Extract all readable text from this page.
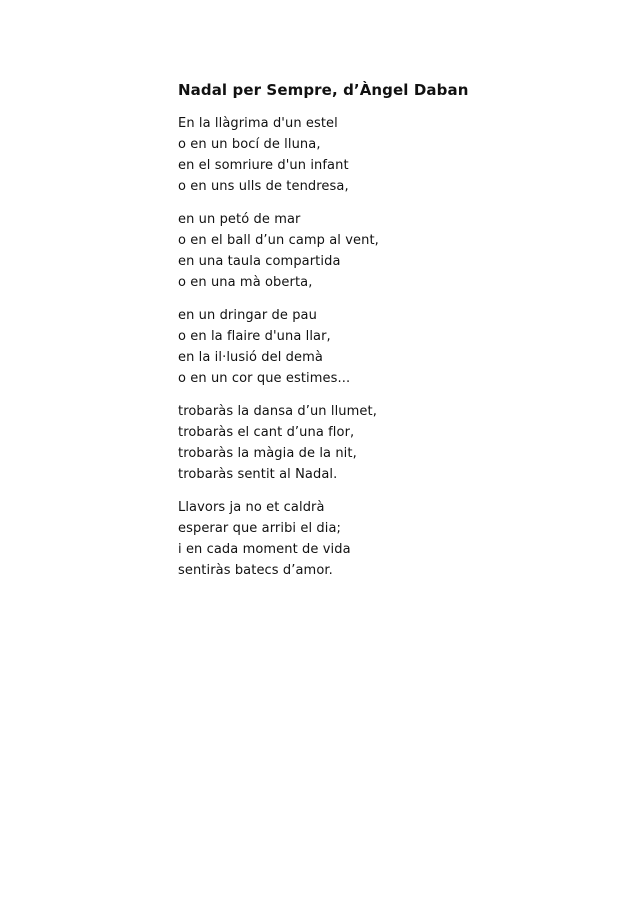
Nadal per Sempre, d’Àngel Daban
En la llàgrima d'un estel
o en un bocí de lluna,
en el somriure d'un infant
o en uns ulls de tendresa,
en un petó de mar
o en el ball d’un camp al vent,
en una taula compartida
o en una mà oberta,
en un dringar de pau
o en la flaire d'una llar,
en la il·lusió del demà
o en un cor que estimes...
trobaràs la dansa d’un llumet,
trobaràs el cant d’una flor,
trobaràs la màgia de la nit,
trobaràs sentit al Nadal.
Llavors ja no et caldrà
esperar que arribi el dia;
i en cada moment de vida
sentiràs batecs d’amor.
